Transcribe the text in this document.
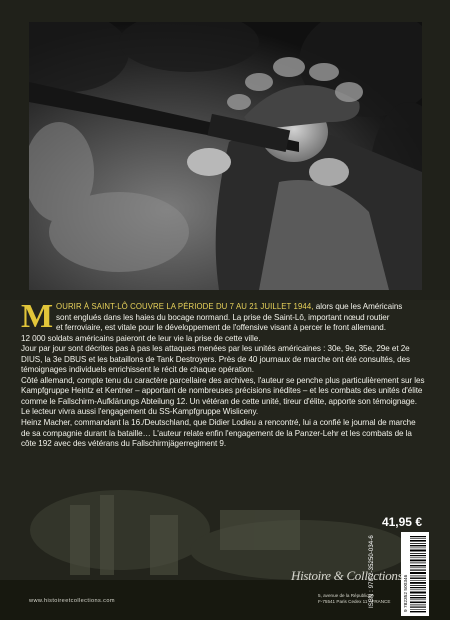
M OURIR À SAINT-LÔ COUVRE LA PÉRIODE DU 7 AU 21 JUILLET 1944, alors que les Américains
sont englués dans les haies du bocage normand. La prise de Saint-Lô, important nœud routier
et ferroviaire, est vitale pour le développement de l'offensive visant à percer le front allemand.
12 000 soldats américains paieront de leur vie la prise de cette ville.

Jour par jour sont décrites pas à pas les attaques menées par les unités américaines : 30e, 9e, 35e, 29e et 2e DIUS, la 3e DBUS et les bataillons de Tank Destroyers. Près de 40 journaux de marche ont été consultés, des témoignages individuels enrichissent le récit de chaque opération.

Côté allemand, compte tenu du caractère parcellaire des archives, l'auteur se penche plus particulièrement sur les Kampfgruppe Heintz et Kentner – apportant de nombreuses précisions inédites – et les combats des unités d'élite comme le Fallschirm-Aufklärungs Abteilung 12. Un vétéran de cette unité, tireur d'élite, apporte son témoignage. Le lecteur vivra aussi l'engagement du SS-Kampfgruppe Wisliceny.

Heinz Macher, commandant la 16./Deutschland, que Didier Lodieu a rencontré, lui a confié le journal de marche de sa compagnie durant la bataille… L'auteur relate enfin l'engagement de la Panzer-Lehr et les combats de la côte 192 avec des vétérans du Fallschirmjägerregiment 9.

41,95 €
9 782352 500346
ISBN : 978-2-35250-034-6
Histoire & Collections
5, avenue de la République
F-75541 Paris Cedex 11 - FRANCE
www.histoireetcollections.com
